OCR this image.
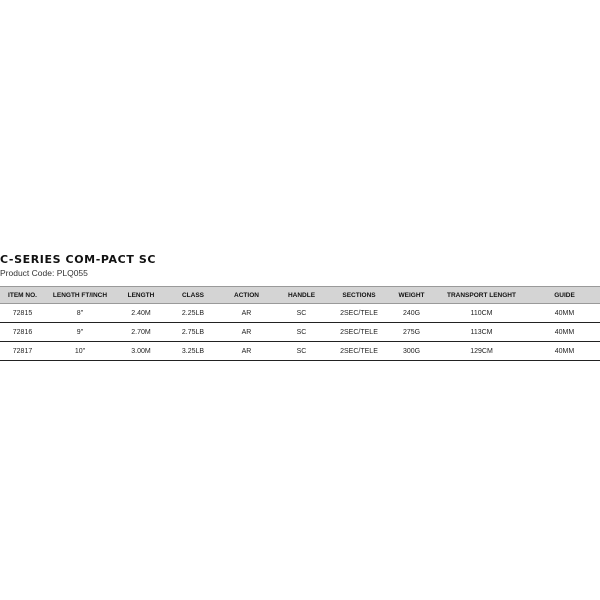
C-SERIES COM-PACT SC
Product Code: PLQ055
ITEM NO.	LENGTH FT/INCH	LENGTH	CLASS	ACTION	HANDLE	SECTIONS	WEIGHT	TRANSPORT LENGHT	GUIDE
72815	8"	2.40M	2.25LB	AR	SC	2SEC/TELE	240G	110CM	40MM
72816	9"	2.70M	2.75LB	AR	SC	2SEC/TELE	275G	113CM	40MM
72817	10"	3.00M	3.25LB	AR	SC	2SEC/TELE	300G	129CM	40MM
